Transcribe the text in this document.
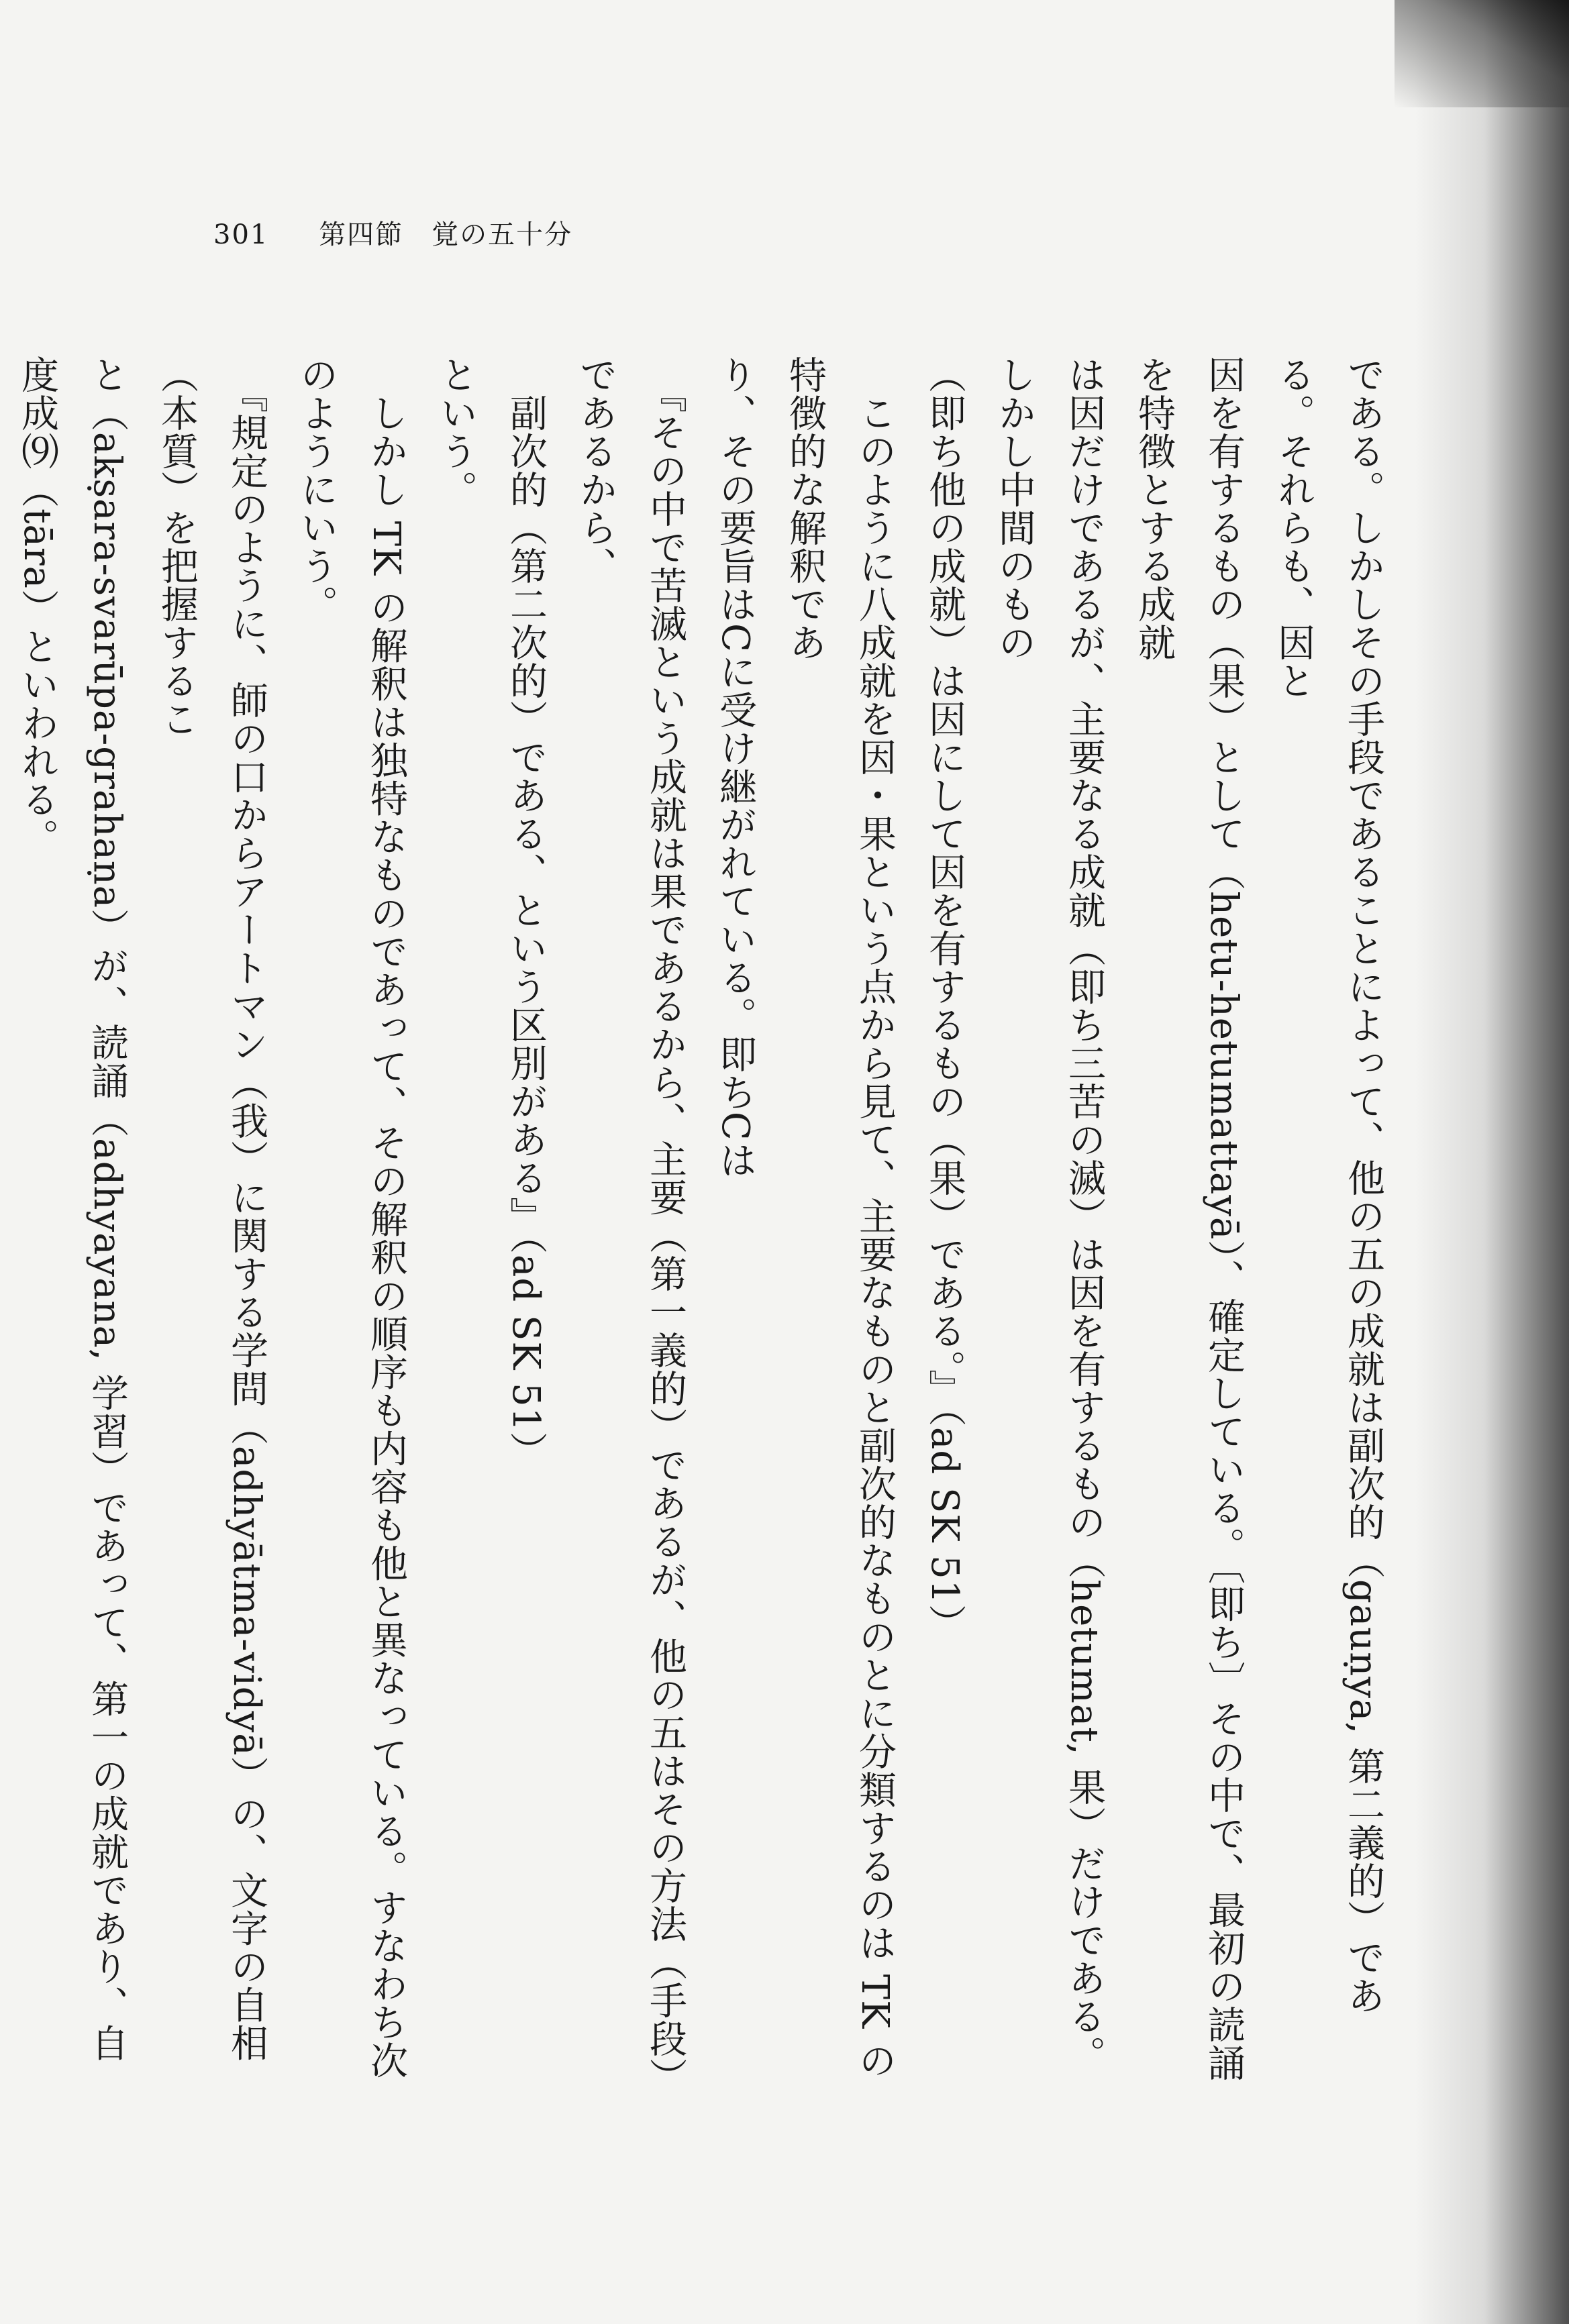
301 第四節　覚の五十分

である。しかしその手段であることによって、他の五の成就は副次的（gauṇya, 第二義的）である。それらも、因と

因を有するもの（果）として（hetu-hetumattayā）、確定している。〔即ち〕その中で、最初の読誦を特徴とする成就

は因だけであるが、主要なる成就（即ち三苦の滅）は因を有するもの（hetumat, 果）だけである。しかし中間のもの

（即ち他の成就）は因にして因を有するもの（果）である。』（ad SK 51）

　このように八成就を因・果という点から見て、主要なものと副次的なものとに分類するのは TK の特徴的な解釈であ

り、その要旨はCに受け継がれている。即ちCは

　『その中で苦滅という成就は果であるから、主要（第一義的）であるが、他の五はその方法（手段）であるから、

　副次的（第二次的）である、という区別がある』（ad SK 51）

という。

　しかし TK の解釈は独特なものであって、その解釈の順序も内容も他と異なっている。すなわち次のようにいう。

　『規定のように、師の口からアートマン（我）に関する学問（adhyātma-vidyā）の、文字の自相（本質）を把握するこ

と（akṣara-svarūpa-grahaṇa）が、読誦（adhyayana, 学習）であって、第一の成就であり、自度成⑼（tāra）といわれる。
